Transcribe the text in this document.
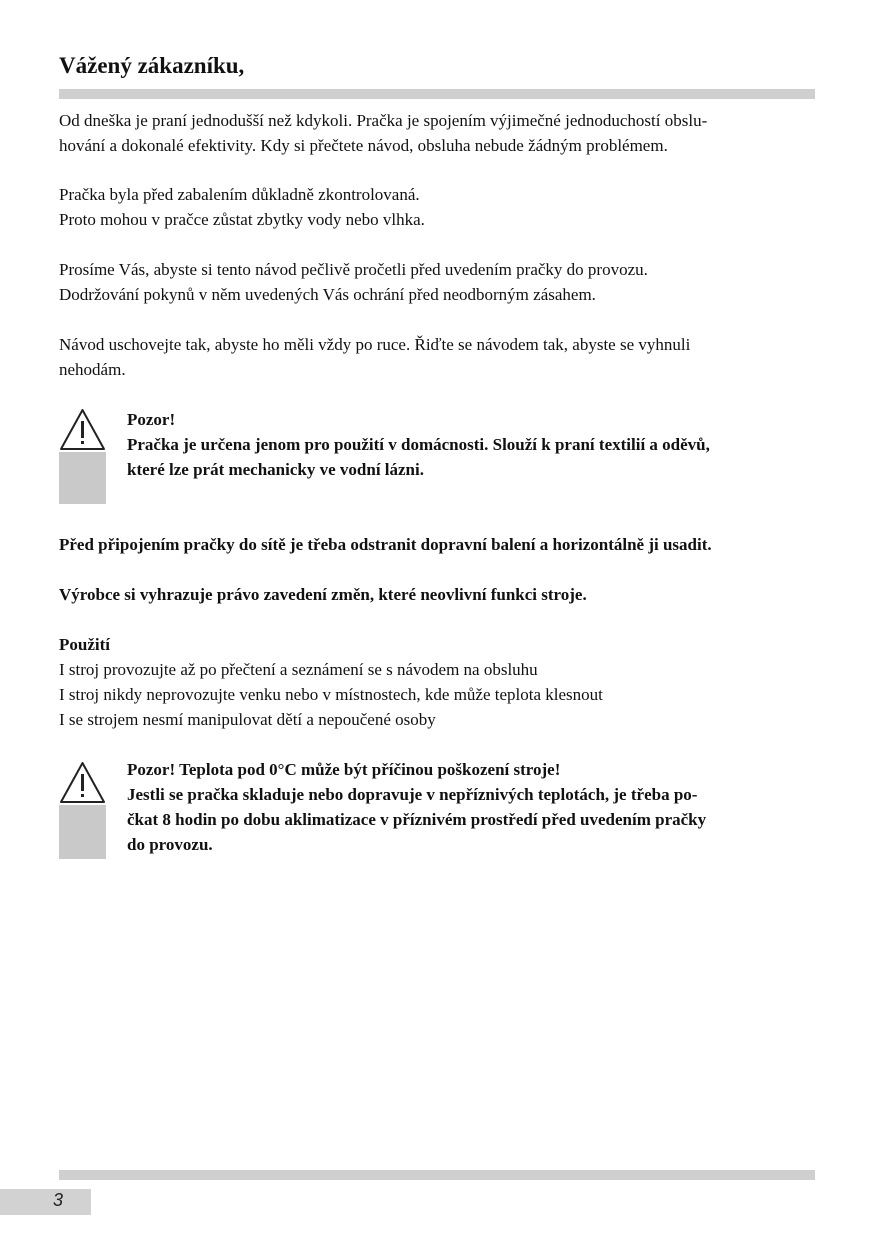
Vážený zákazníku,

Od dneška je praní jednodušší než kdykoli. Pračka je spojením výjimečné jednoduchostí obslu-

hování a dokonalé efektivity. Kdy si přečtete návod, obsluha nebude žádným problémem.

Pračka byla před zabalením důkladně zkontrolovaná.

Proto mohou v pračce zůstat zbytky vody nebo vlhka.

Prosíme Vás, abyste si tento návod pečlivě pročetli před uvedením pračky do provozu.

Dodržování pokynů v něm uvedených Vás ochrání před neodborným zásahem.

Návod uschovejte tak, abyste ho měli vždy po ruce. Řiďte se návodem tak, abyste se vyhnuli

nehodám.

Pozor!

Pračka je určena jenom pro použití v domácnosti. Slouží k praní textilií a oděvů,

které lze prát mechanicky ve vodní lázni.

Před připojením pračky do sítě je třeba odstranit dopravní balení a horizontálně ji usadit.

Výrobce si vyhrazuje právo zavedení změn, které neovlivní funkci stroje.

Použití

I stroj provozujte až po přečtení a seznámení se s návodem na obsluhu

I stroj nikdy neprovozujte venku nebo v místnostech, kde může teplota klesnout

I se strojem nesmí manipulovat dětí a nepoučené osoby

Pozor! Teplota pod 0°C může být příčinou poškození stroje!

Jestli se pračka skladuje nebo dopravuje v nepříznivých teplotách, je třeba po-

čkat 8 hodin po dobu aklimatizace v příznivém prostředí před uvedením pračky

do provozu.

3
